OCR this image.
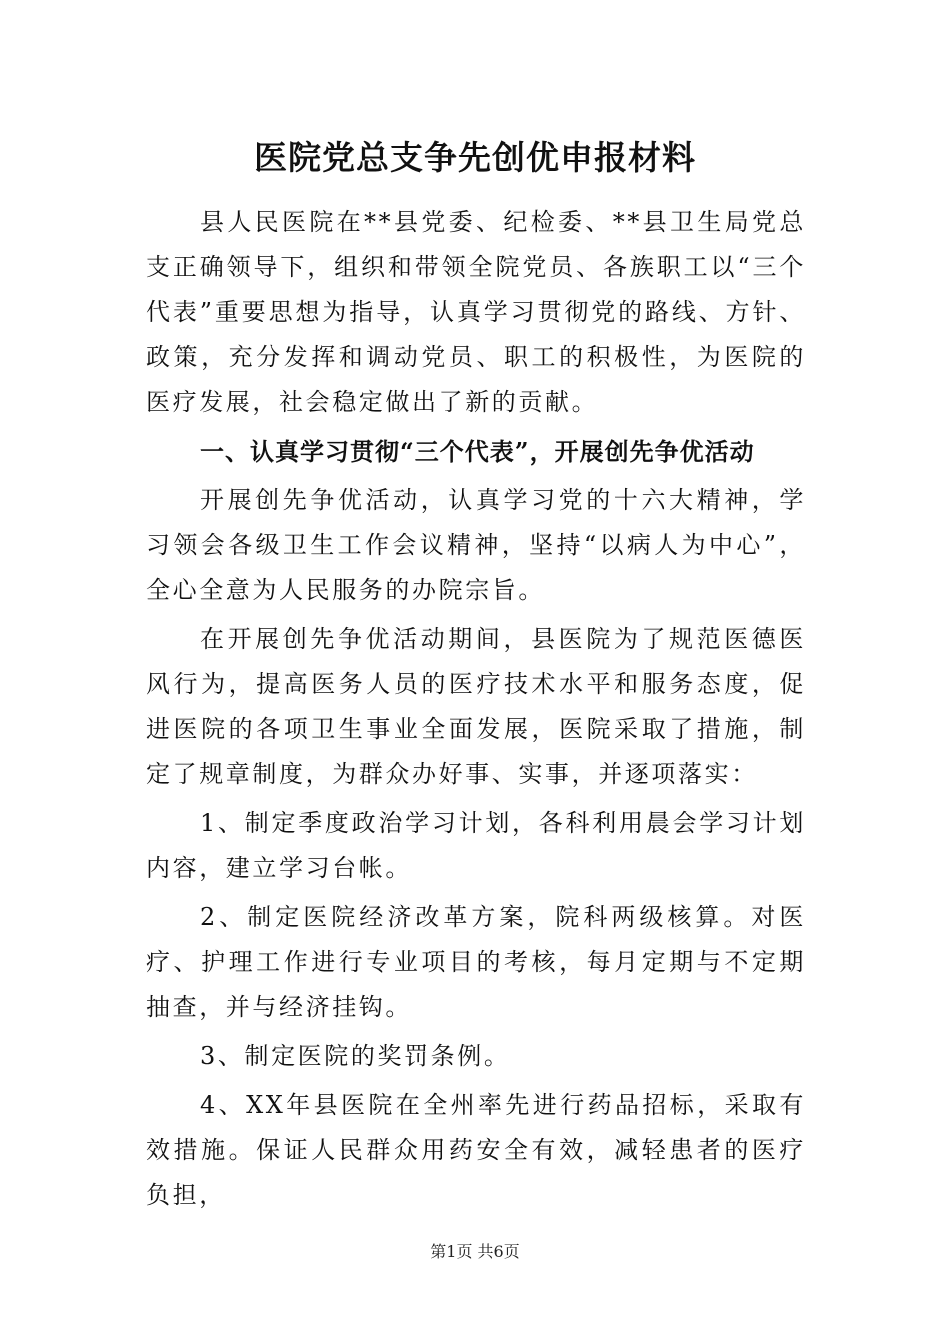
医院党总支争先创优申报材料

县人民医院在**县党委、纪检委、**县卫生局党总支正确领导下，组织和带领全院党员、各族职工以“三个代表”重要思想为指导，认真学习贯彻党的路线、方针、政策，充分发挥和调动党员、职工的积极性，为医院的医疗发展，社会稳定做出了新的贡献。

一、认真学习贯彻“三个代表”，开展创先争优活动

开展创先争优活动，认真学习党的十六大精神，学习领会各级卫生工作会议精神，坚持“以病人为中心”，全心全意为人民服务的办院宗旨。

在开展创先争优活动期间，县医院为了规范医德医风行为，提高医务人员的医疗技术水平和服务态度，促进医院的各项卫生事业全面发展，医院采取了措施，制定了规章制度，为群众办好事、实事，并逐项落实：

1、制定季度政治学习计划，各科利用晨会学习计划内容，建立学习台帐。

2、制定医院经济改革方案，院科两级核算。对医疗、护理工作进行专业项目的考核，每月定期与不定期抽查，并与经济挂钩。

3、制定医院的奖罚条例。

4、XX年县医院在全州率先进行药品招标，采取有效措施。保证人民群众用药安全有效，减轻患者的医疗负担，

第1页 共6页
